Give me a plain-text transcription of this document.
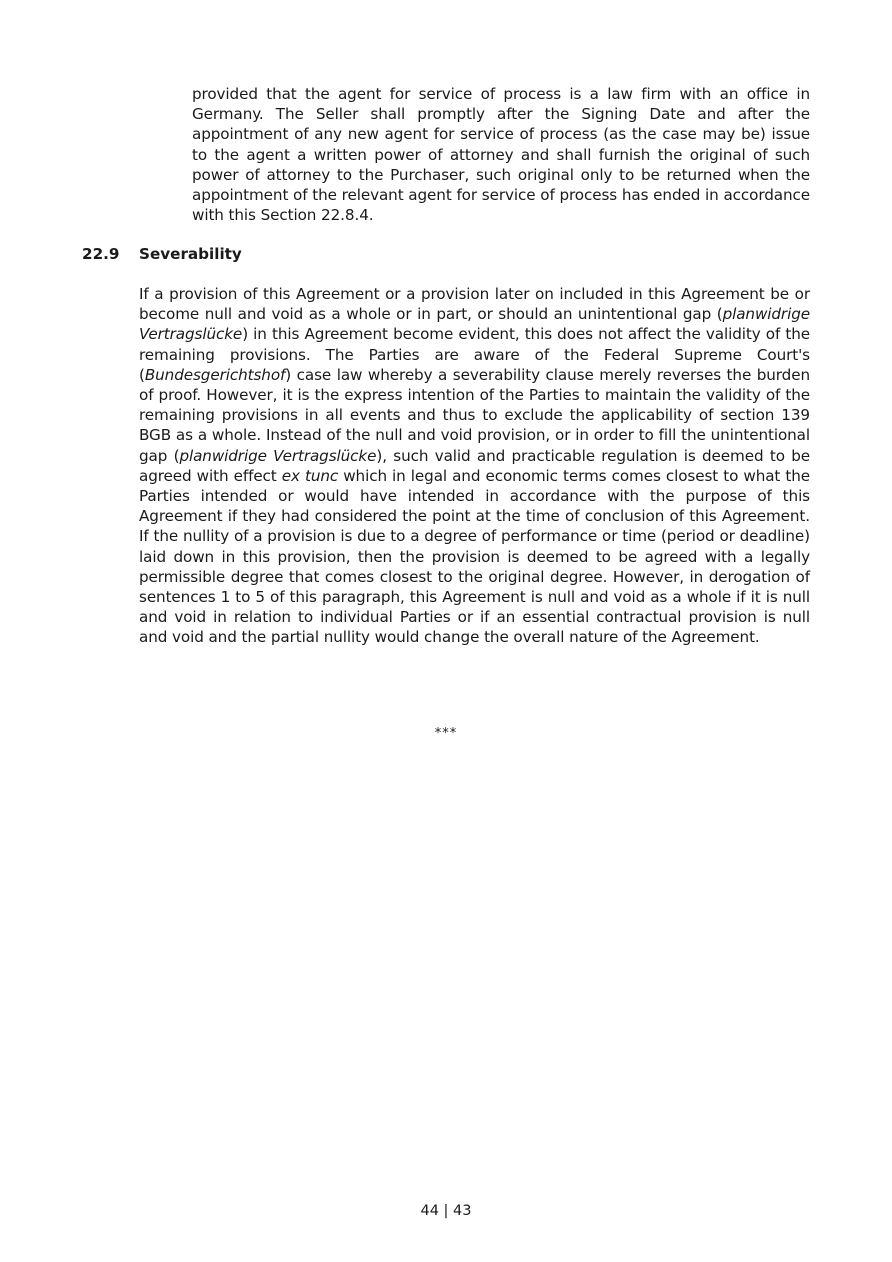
provided that the agent for service of process is a law firm with an office in Germany. The Seller shall promptly after the Signing Date and after the appointment of any new agent for service of process (as the case may be) issue to the agent a written power of attorney and shall furnish the original of such power of attorney to the Purchaser, such original only to be returned when the appointment of the relevant agent for service of process has ended in accordance with this Section 22.8.4.

22.9 Severability

If a provision of this Agreement or a provision later on included in this Agreement be or become null and void as a whole or in part, or should an unintentional gap (planwidrige Vertragslücke) in this Agreement become evident, this does not affect the validity of the remaining provisions. The Parties are aware of the Federal Supreme Court's (Bundesgerichtshof) case law whereby a severability clause merely reverses the burden of proof. However, it is the express intention of the Parties to maintain the validity of the remaining provisions in all events and thus to exclude the applicability of section 139 BGB as a whole. Instead of the null and void provision, or in order to fill the unintentional gap (planwidrige Vertragslücke), such valid and practicable regulation is deemed to be agreed with effect ex tunc which in legal and economic terms comes closest to what the Parties intended or would have intended in accordance with the purpose of this Agreement if they had considered the point at the time of conclusion of this Agreement. If the nullity of a provision is due to a degree of performance or time (period or deadline) laid down in this provision, then the provision is deemed to be agreed with a legally permissible degree that comes closest to the original degree. However, in derogation of sentences 1 to 5 of this paragraph, this Agreement is null and void as a whole if it is null and void in relation to individual Parties or if an essential contractual provision is null and void and the partial nullity would change the overall nature of the Agreement.

***
44 | 43
